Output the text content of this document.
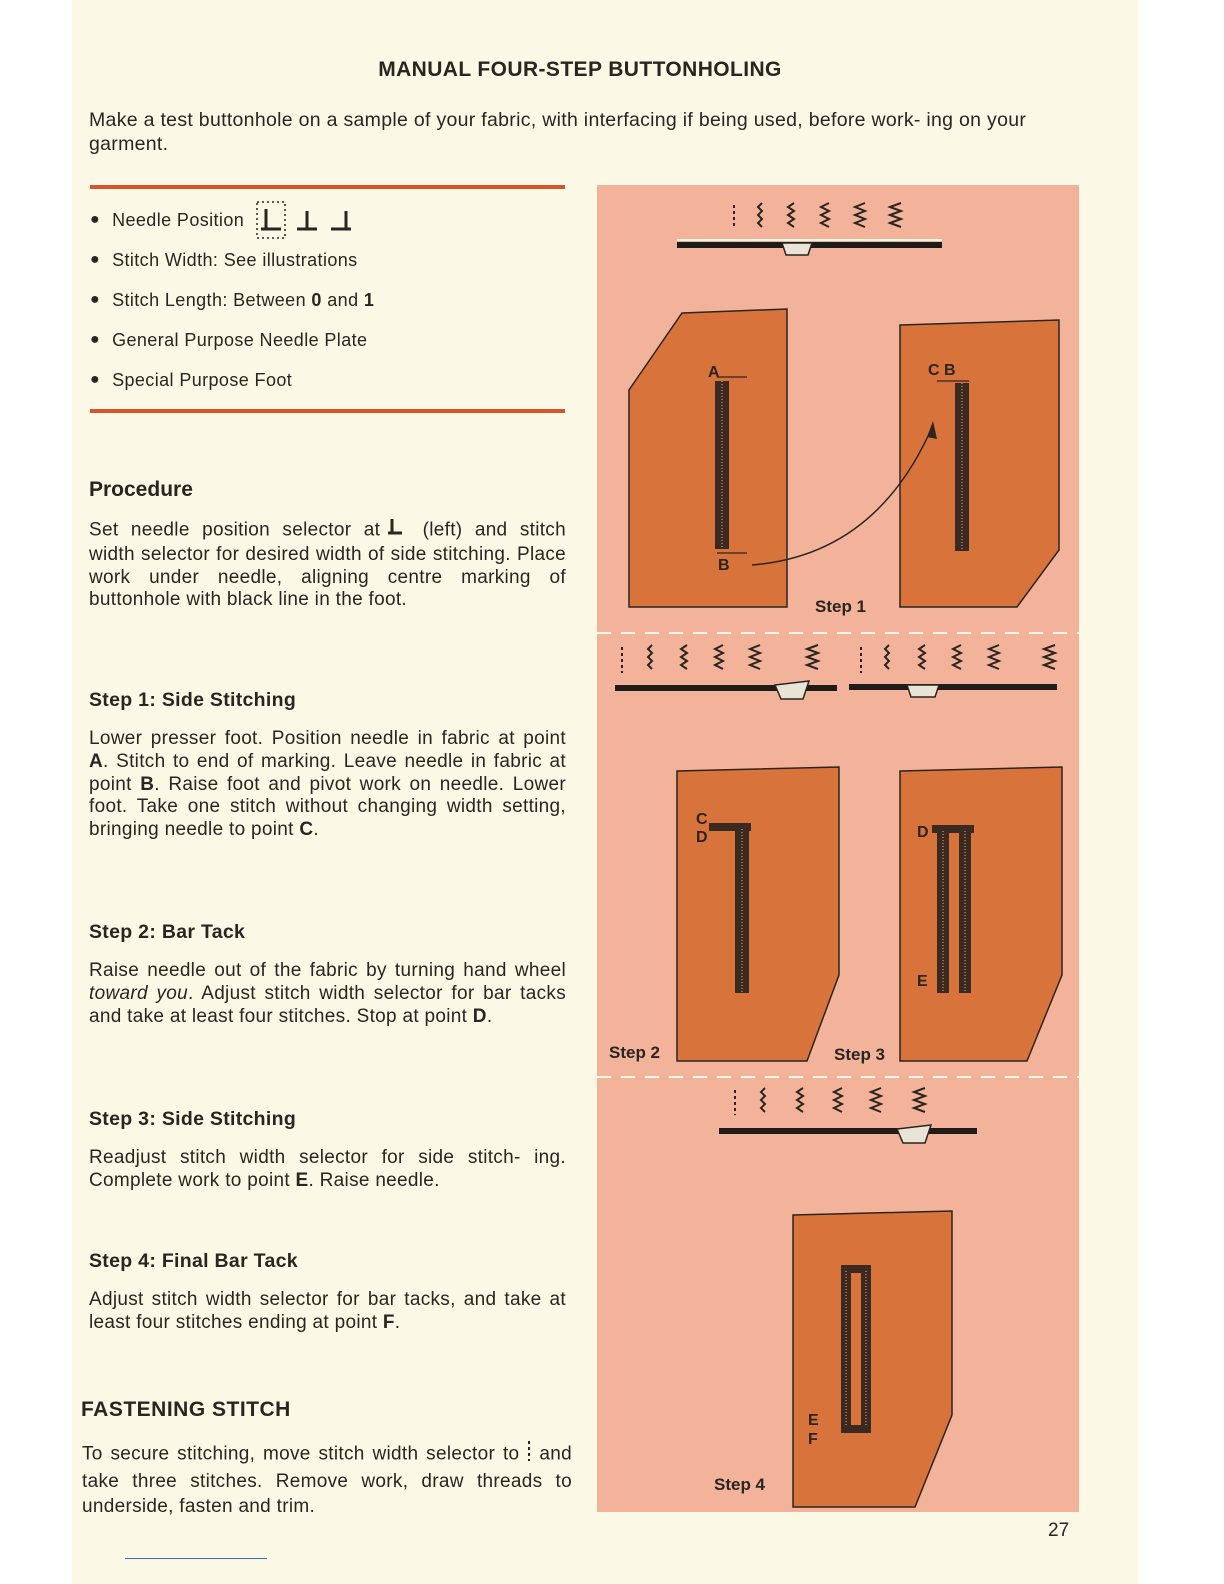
MANUAL FOUR-STEP BUTTONHOLING
Make a test buttonhole on a sample of your fabric, with interfacing if being used, before work- ing on your garment.
● Needle Position
● Stitch Width: See illustrations
● Stitch Length: Between
0
and
1
● General Purpose Needle Plate
● Special Purpose Foot
Procedure
Set needle position selector at (left) and stitch width selector for desired width of side stitching. Place work under needle, aligning centre marking of buttonhole with black line in the foot.
Step 1: Side Stitching
Lower presser foot. Position needle in fabric at point A. Stitch to end of marking. Leave needle in fabric at point B. Raise foot and pivot work on needle. Lower foot. Take one stitch without changing width setting, bringing needle to point C.
Step 2: Bar Tack
Raise needle out of the fabric by turning hand wheel toward you. Adjust stitch width selector for bar tacks and take at least four stitches. Stop at point D.
Step 3: Side Stitching
Readjust stitch width selector for side stitch- ing. Complete work to point E. Raise needle.
Step 4: Final Bar Tack
Adjust stitch width selector for bar tacks, and take at least four stitches ending at point F.
FASTENING STITCH
To secure stitching, move stitch width selector to and take three stitches. Remove work, draw threads to underside, fasten and trim.
A
B
C B
Step 1
C
D
Step 2
D
E
Step 3
E
F
Step 4
27
